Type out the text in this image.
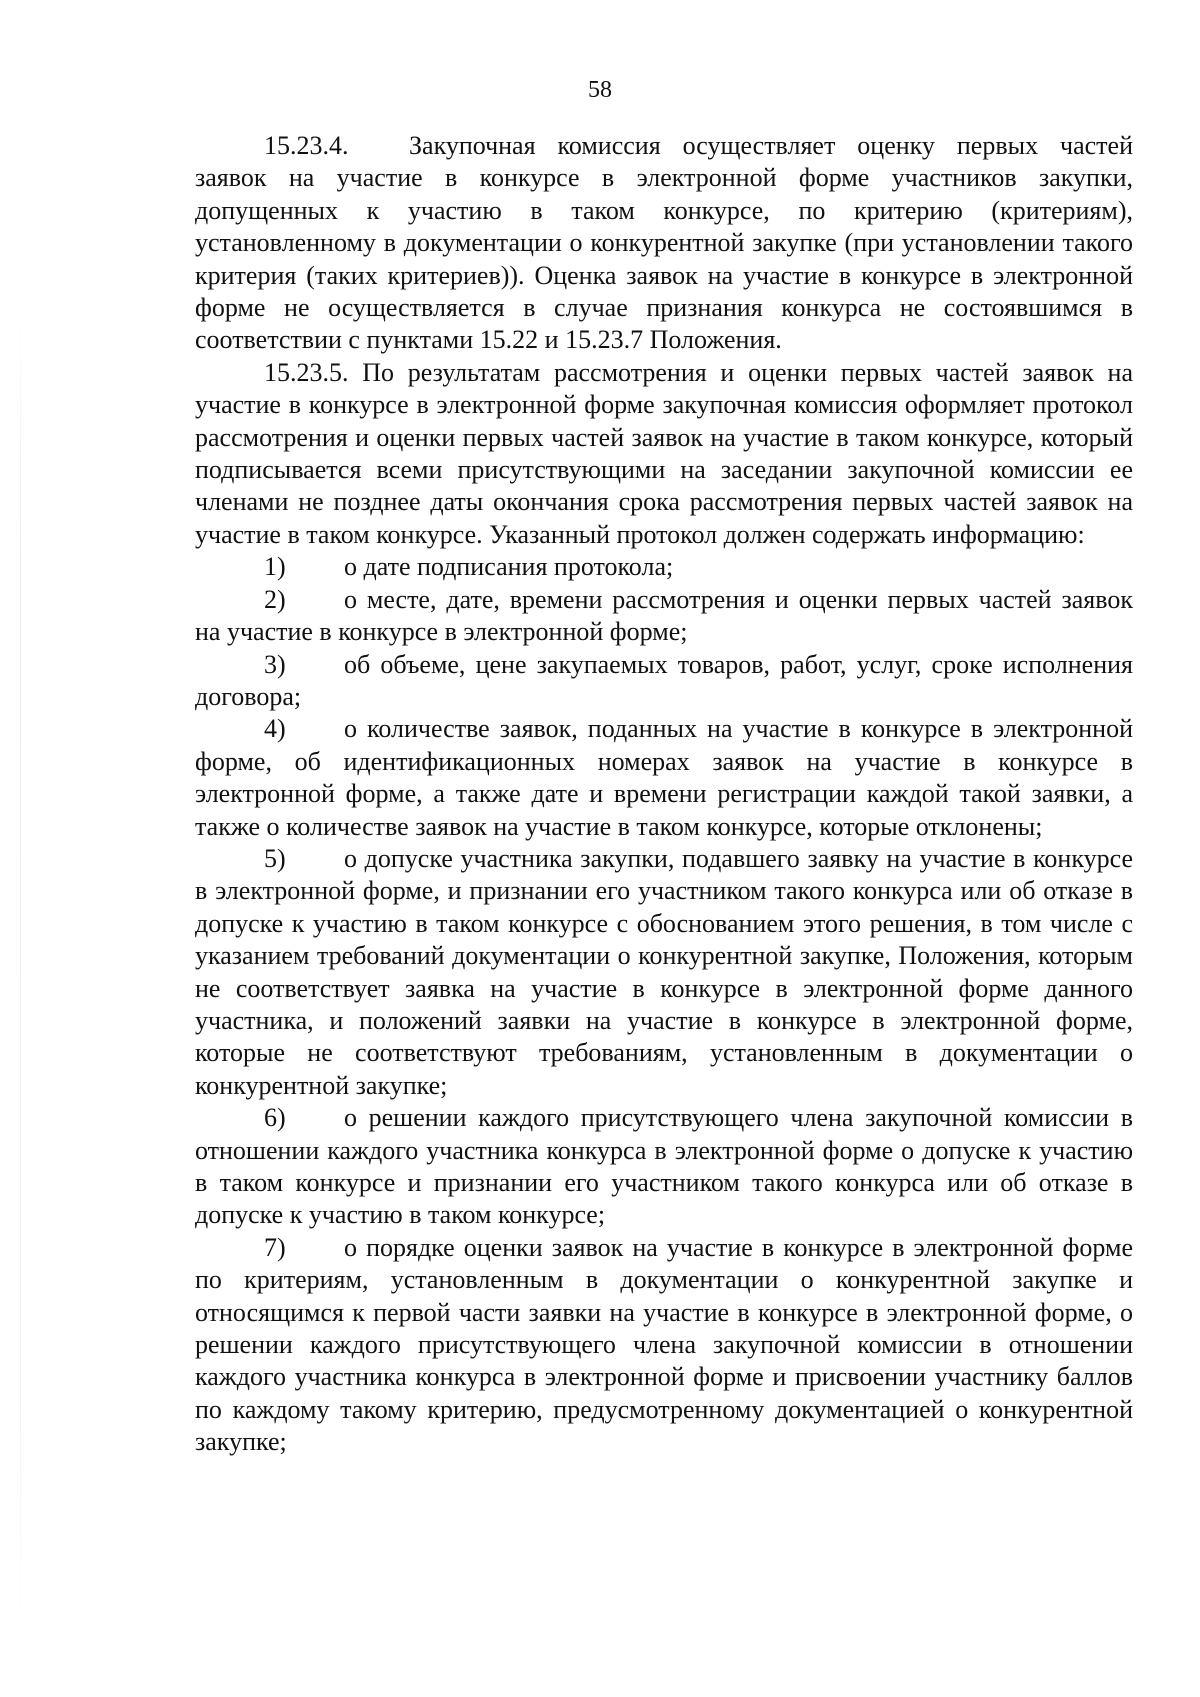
58

15.23.4. Закупочная комиссия осуществляет оценку первых частей заявок на участие в конкурсе в электронной форме участников закупки, допущенных к участию в таком конкурсе, по критерию (критериям), установленному в документации о конкурентной закупке (при установлении такого критерия (таких критериев)). Оценка заявок на участие в конкурсе в электронной форме не осуществляется в случае признания конкурса не состоявшимся в соответствии с пунктами 15.22 и 15.23.7 Положения.

15.23.5. По результатам рассмотрения и оценки первых частей заявок на участие в конкурсе в электронной форме закупочная комиссия оформляет протокол рассмотрения и оценки первых частей заявок на участие в таком конкурсе, который подписывается всеми присутствующими на заседании закупочной комиссии ее членами не позднее даты окончания срока рассмотрения первых частей заявок на участие в таком конкурсе. Указанный протокол должен содержать информацию:

1) о дате подписания протокола;

2) о месте, дате, времени рассмотрения и оценки первых частей заявок на участие в конкурсе в электронной форме;

3) об объеме, цене закупаемых товаров, работ, услуг, сроке исполнения договора;

4) о количестве заявок, поданных на участие в конкурсе в электронной форме, об идентификационных номерах заявок на участие в конкурсе в электронной форме, а также дате и времени регистрации каждой такой заявки, а также о количестве заявок на участие в таком конкурсе, которые отклонены;

5) о допуске участника закупки, подавшего заявку на участие в конкурсе в электронной форме, и признании его участником такого конкурса или об отказе в допуске к участию в таком конкурсе с обоснованием этого решения, в том числе с указанием требований документации о конкурентной закупке, Положения, которым не соответствует заявка на участие в конкурсе в электронной форме данного участника, и положений заявки на участие в конкурсе в электронной форме, которые не соответствуют требованиям, установленным в документации о конкурентной закупке;

6) о решении каждого присутствующего члена закупочной комиссии в отношении каждого участника конкурса в электронной форме о допуске к участию в таком конкурсе и признании его участником такого конкурса или об отказе в допуске к участию в таком конкурсе;

7) о порядке оценки заявок на участие в конкурсе в электронной форме по критериям, установленным в документации о конкурентной закупке и относящимся к первой части заявки на участие в конкурсе в электронной форме, о решении каждого присутствующего члена закупочной комиссии в отношении каждого участника конкурса в электронной форме и присвоении участнику баллов по каждому такому критерию, предусмотренному документацией о конкурентной закупке;
